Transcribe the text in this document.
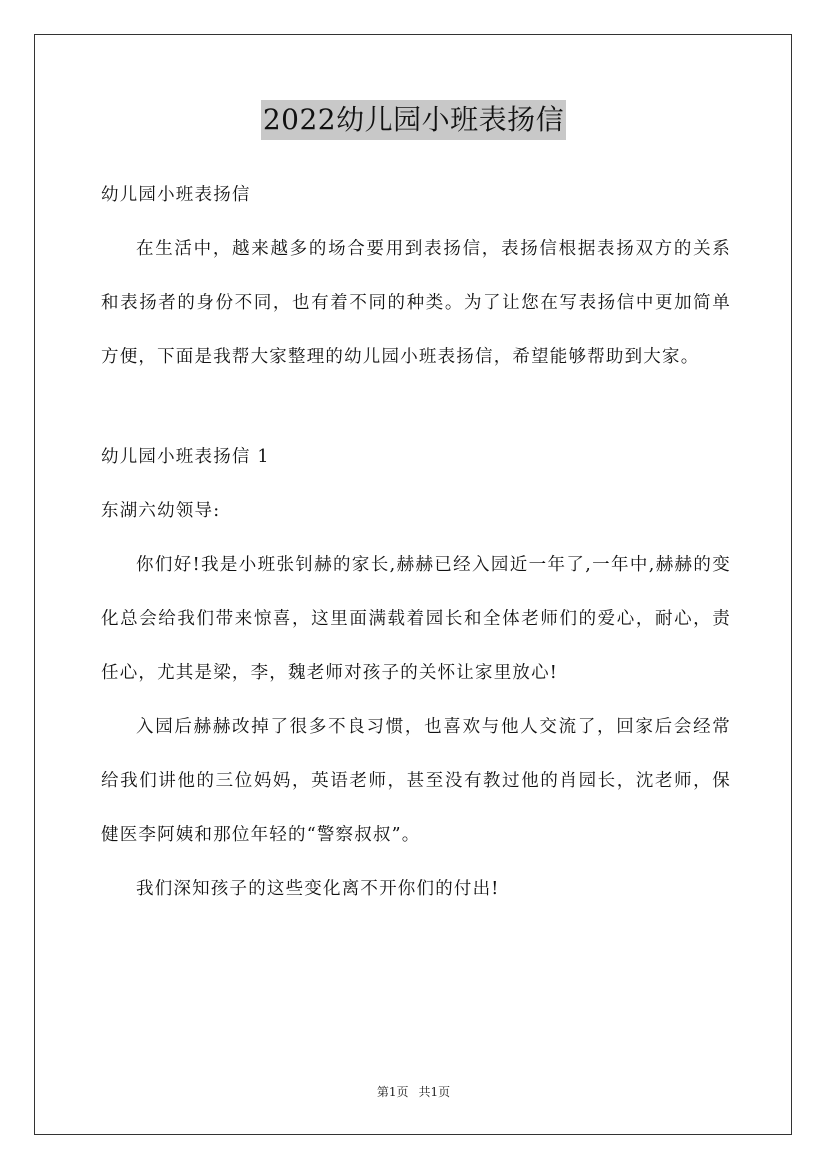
2022幼儿园小班表扬信

幼儿园小班表扬信

在生活中，越来越多的场合要用到表扬信，表扬信根据表扬双方的关系和表扬者的身份不同，也有着不同的种类。为了让您在写表扬信中更加简单方便，下面是我帮大家整理的幼儿园小班表扬信，希望能够帮助到大家。

幼儿园小班表扬信 1

东湖六幼领导:

你们好!我是小班张钊赫的家长,赫赫已经入园近一年了,一年中,赫赫的变化总会给我们带来惊喜，这里面满载着园长和全体老师们的爱心，耐心，责任心，尤其是梁，李，魏老师对孩子的关怀让家里放心!

入园后赫赫改掉了很多不良习惯，也喜欢与他人交流了，回家后会经常给我们讲他的三位妈妈，英语老师，甚至没有教过他的肖园长，沈老师，保健医李阿姨和那位年轻的“警察叔叔”。

我们深知孩子的这些变化离不开你们的付出!

第1页 共1页
